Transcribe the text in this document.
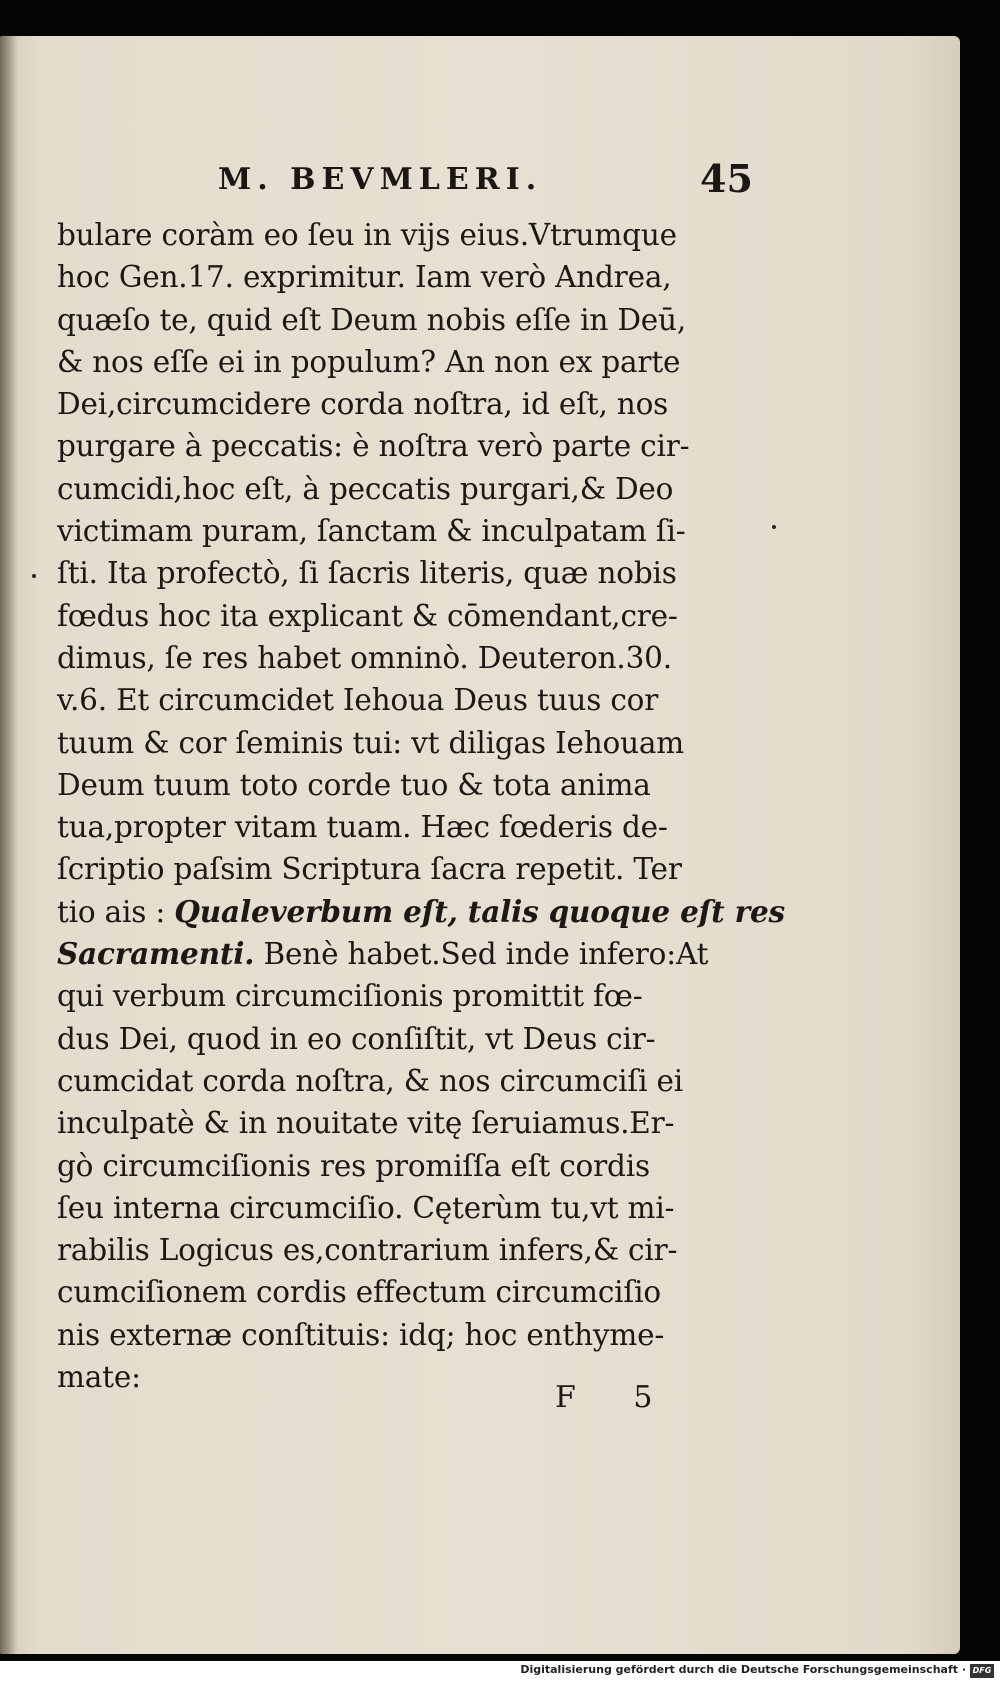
M. BEVMLERI.	45
bulare coràm eo ſeu in vijs eius.Vtrumque
hoc Gen.17. exprimitur. Iam verò Andrea,
quæſo te, quid eſt Deum nobis eſſe in Deū,
& nos eſſe ei in populum? An non ex parte
Dei,circumcidere corda noſtra, id eſt, nos
purgare à peccatis: è noſtra verò parte cir-
cumcidi,hoc eſt, à peccatis purgari,& Deo
victimam puram, ſanctam & inculpatam ſi-
ſti. Ita profectò, ſi ſacris literis, quæ nobis
fœdus hoc ita explicant & cōmendant,cre-
dimus, ſe res habet omninò. Deuteron.30.
v.6. Et circumcidet Iehoua Deus tuus cor
tuum & cor ſeminis tui: vt diligas Iehouam
Deum tuum toto corde tuo & tota anima
tua,propter vitam tuam. Hæc fœderis de-
ſcriptio paſsim Scriptura ſacra repetit. Ter
tio ais : Qualeverbum eſt, talis quoque eſt res
Sacramenti. Benè habet.Sed inde infero:At
qui verbum circumciſionis promittit fœ-
dus Dei, quod in eo conſiſtit, vt Deus cir-
cumcidat corda noſtra, & nos circumciſi ei
inculpatè & in nouitate vitę ſeruiamus.Er-
gò circumciſionis res promiſſa eſt cordis
ſeu interna circumciſio. Cęterùm tu,vt mi-
rabilis Logicus es,contrarium infers,& cir-
cumciſionem cordis effectum circumciſio
nis externæ conſtituis: idq; hoc enthyme-
mate:
F 5
Digitalisierung gefördert durch die Deutsche Forschungsgemeinschaft · DFG
